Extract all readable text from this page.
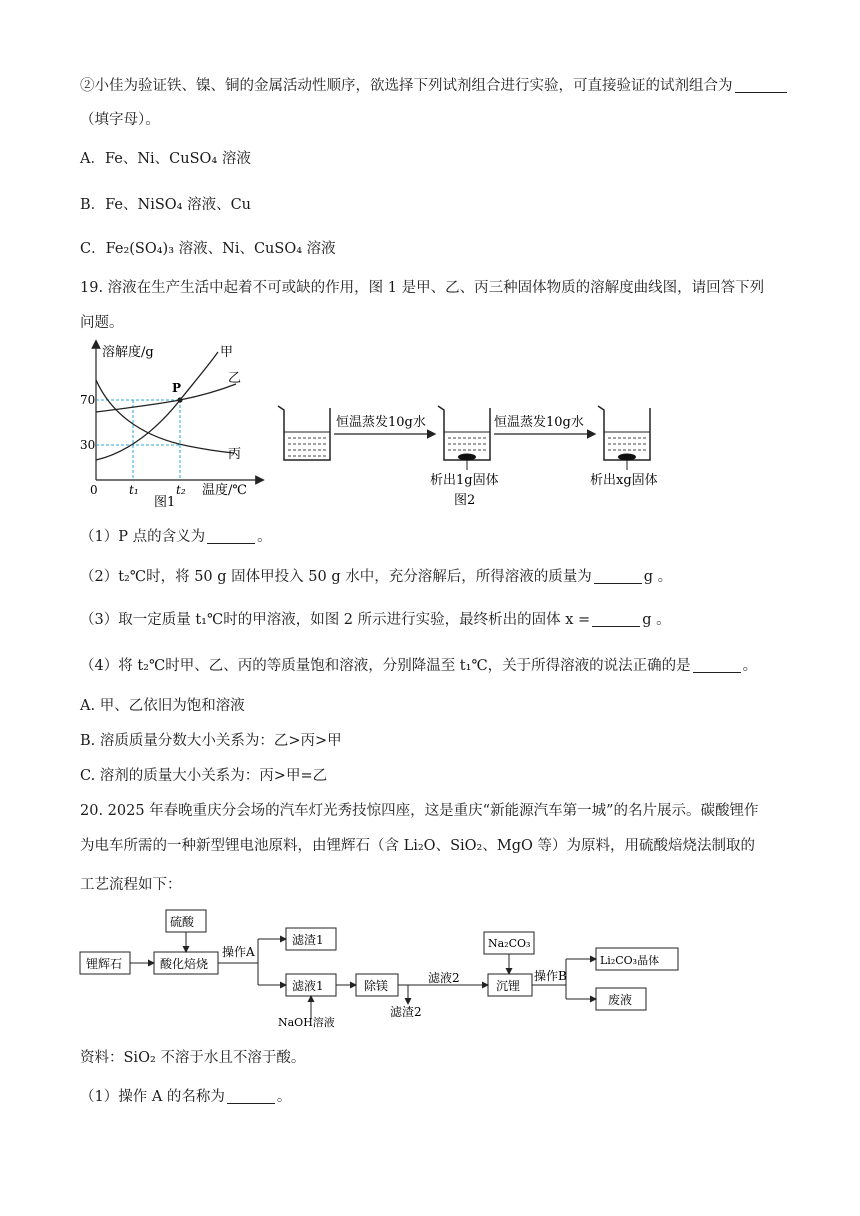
②小佳为验证铁、镍、铜的金属活动性顺序，欲选择下列试剂组合进行实验，可直接验证的试剂组合为
（填字母）。
A．Fe、Ni、CuSO₄ 溶液
B．Fe、NiSO₄ 溶液、Cu
C．Fe₂(SO₄)₃ 溶液、Ni、CuSO₄ 溶液
19. 溶液在生产生活中起着不可或缺的作用，图 1 是甲、乙、丙三种固体物质的溶解度曲线图，请回答下列
问题。
溶解度/g	甲
乙
丙
P
70
30
0	t₁	t₂ 温度/℃
图1
恒温蒸发10g水
析出1g固体
图2
恒温蒸发10g水
析出xg固体
（1）P 点的含义为	。
（2）t₂℃时，将 50 g 固体甲投入 50 g 水中，充分溶解后，所得溶液的质量为	g 。
（3）取一定质量 t₁℃时的甲溶液，如图 2 所示进行实验，最终析出的固体 x =	g 。
（4）将 t₂℃时甲、乙、丙的等质量饱和溶液，分别降温至 t₁℃，关于所得溶液的说法正确的是	。
A. 甲、乙依旧为饱和溶液
B. 溶质质量分数大小关系为：乙>丙>甲
C. 溶剂的质量大小关系为：丙>甲=乙
20. 2025 年春晚重庆分会场的汽车灯光秀技惊四座，这是重庆“新能源汽车第一城”的名片展示。碳酸锂作
为电车所需的一种新型锂电池原料，由锂辉石（含 Li₂O、SiO₂、MgO 等）为原料，用硫酸焙烧法制取的
工艺流程如下：
硫酸
锂辉石	酸化焙烧
操作A
滤渣1
滤液1
NaOH溶液
除镁
滤液2
滤渣2
Na₂CO₃
沉锂
操作B
Li₂CO₃晶体
废液
资料：SiO₂ 不溶于水且不溶于酸。
（1）操作 A 的名称为	。
